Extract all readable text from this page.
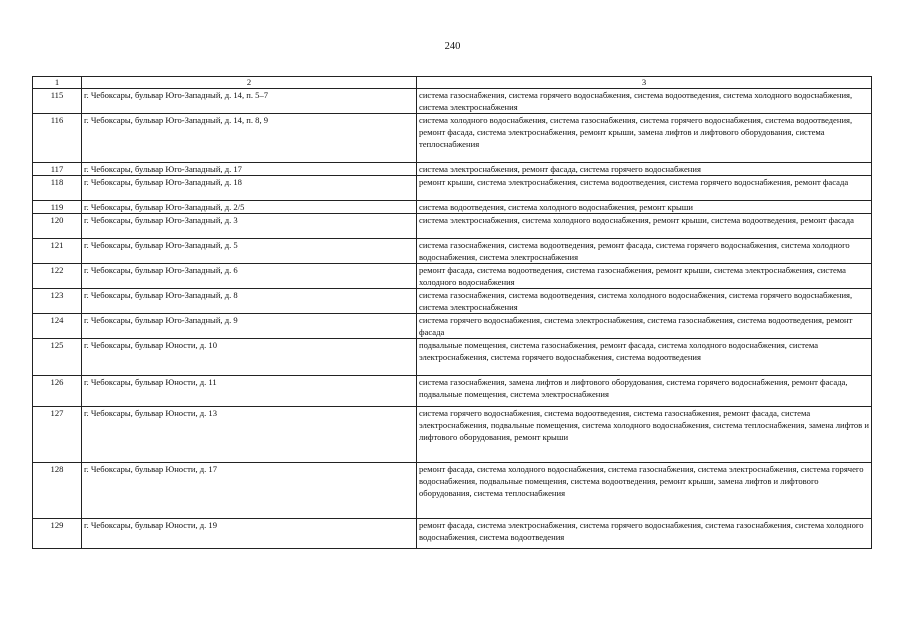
240
1	2	3
115	г. Чебоксары, бульвар Юго-Западный, д. 14, п. 5–7	система газоснабжения, система горячего водоснабжения, система водоотведения, система холодного водоснабжения, система электроснабжения
116	г. Чебоксары, бульвар Юго-Западный, д. 14, п. 8, 9	система холодного водоснабжения, система газоснабжения, система горячего водоснабжения, система водоотведения, ремонт фасада, система электроснабжения, ремонт крыши, замена лифтов и лифтового оборудования, система теплоснабжения
117	г. Чебоксары, бульвар Юго-Западный, д. 17	система электроснабжения, ремонт фасада, система горячего водоснабжения
118	г. Чебоксары, бульвар Юго-Западный, д. 18	ремонт крыши, система электроснабжения, система водоотведения, система горячего водоснабжения, ремонт фасада
119	г. Чебоксары, бульвар Юго-Западный, д. 2/5	система водоотведения, система холодного водоснабжения, ремонт крыши
120	г. Чебоксары, бульвар Юго-Западный, д. 3	система электроснабжения, система холодного водоснабжения, ремонт крыши, система водоотведения, ремонт фасада
121	г. Чебоксары, бульвар Юго-Западный, д. 5	система газоснабжения, система водоотведения, ремонт фасада, система горячего водоснабжения, система холодного водоснабжения, система электроснабжения
122	г. Чебоксары, бульвар Юго-Западный, д. 6	ремонт фасада, система водоотведения, система газоснабжения, ремонт крыши, система электроснабжения, система холодного водоснабжения
123	г. Чебоксары, бульвар Юго-Западный, д. 8	система газоснабжения, система водоотведения, система холодного водоснабжения, система горячего водоснабжения, система электроснабжения
124	г. Чебоксары, бульвар Юго-Западный, д. 9	система горячего водоснабжения, система электроснабжения, система газоснабжения, система водоотведения, ремонт фасада
125	г. Чебоксары, бульвар Юности, д. 10	подвальные помещения, система газоснабжения, ремонт фасада, система холодного водоснабжения, система электроснабжения, система горячего водоснабжения, система водоотведения
126	г. Чебоксары, бульвар Юности, д. 11	система газоснабжения, замена лифтов и лифтового оборудования, система горячего водоснабжения, ремонт фасада, подвальные помещения, система электроснабжения
127	г. Чебоксары, бульвар Юности, д. 13	система горячего водоснабжения, система водоотведения, система газоснабжения, ремонт фасада, система электроснабжения, подвальные помещения, система холодного водоснабжения, система теплоснабжения, замена лифтов и лифтового оборудования, ремонт крыши
128	г. Чебоксары, бульвар Юности, д. 17	ремонт фасада, система холодного водоснабжения, система газоснабжения, система электроснабжения, система горячего водоснабжения, подвальные помещения, система водоотведения, ремонт крыши, замена лифтов и лифтового оборудования, система теплоснабжения
129	г. Чебоксары, бульвар Юности, д. 19	ремонт фасада, система электроснабжения, система горячего водоснабжения, система газоснабжения, система холодного водоснабжения, система водоотведения
